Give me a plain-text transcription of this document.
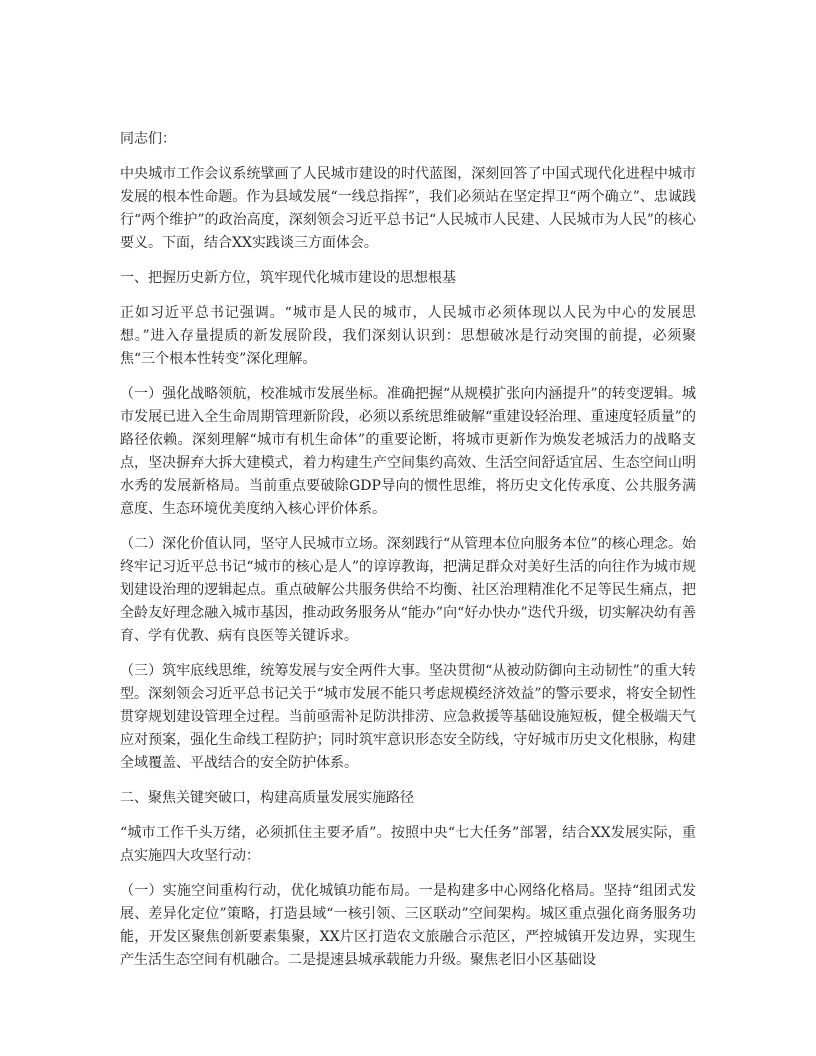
同志们：

中央城市工作会议系统擘画了人民城市建设的时代蓝图，深刻回答了中国式现代化进程中城市发展的根本性命题。作为县域发展“一线总指挥”，我们必须站在坚定捍卫“两个确立”、忠诚践行“两个维护”的政治高度，深刻领会习近平总书记“人民城市人民建、人民城市为人民”的核心要义。下面，结合XX实践谈三方面体会。

一、把握历史新方位，筑牢现代化城市建设的思想根基

正如习近平总书记强调。“城市是人民的城市，人民城市必须体现以人民为中心的发展思想。”进入存量提质的新发展阶段，我们深刻认识到：思想破冰是行动突围的前提，必须聚焦“三个根本性转变”深化理解。

（一）强化战略领航，校准城市发展坐标。准确把握“从规模扩张向内涵提升”的转变逻辑。城市发展已进入全生命周期管理新阶段，必须以系统思维破解“重建设轻治理、重速度轻质量”的路径依赖。深刻理解“城市有机生命体”的重要论断，将城市更新作为焕发老城活力的战略支点，坚决摒弃大拆大建模式，着力构建生产空间集约高效、生活空间舒适宜居、生态空间山明水秀的发展新格局。当前重点要破除GDP导向的惯性思维，将历史文化传承度、公共服务满意度、生态环境优美度纳入核心评价体系。

（二）深化价值认同，坚守人民城市立场。深刻践行“从管理本位向服务本位”的核心理念。始终牢记习近平总书记“城市的核心是人”的谆谆教诲，把满足群众对美好生活的向往作为城市规划建设治理的逻辑起点。重点破解公共服务供给不均衡、社区治理精准化不足等民生痛点，把全龄友好理念融入城市基因，推动政务服务从“能办”向“好办快办”迭代升级，切实解决幼有善育、学有优教、病有良医等关键诉求。

（三）筑牢底线思维，统筹发展与安全两件大事。坚决贯彻“从被动防御向主动韧性”的重大转型。深刻领会习近平总书记关于“城市发展不能只考虑规模经济效益”的警示要求，将安全韧性贯穿规划建设管理全过程。当前亟需补足防洪排涝、应急救援等基础设施短板，健全极端天气应对预案，强化生命线工程防护；同时筑牢意识形态安全防线，守好城市历史文化根脉，构建全域覆盖、平战结合的安全防护体系。

二、聚焦关键突破口，构建高质量发展实施路径

“城市工作千头万绪，必须抓住主要矛盾”。按照中央“七大任务”部署，结合XX发展实际，重点实施四大攻坚行动：

（一）实施空间重构行动，优化城镇功能布局。一是构建多中心网络化格局。坚持“组团式发展、差异化定位”策略，打造县域“一核引领、三区联动”空间架构。城区重点强化商务服务功能，开发区聚焦创新要素集聚，XX片区打造农文旅融合示范区，严控城镇开发边界，实现生产生活生态空间有机融合。二是提速县城承载能力升级。聚焦老旧小区基础设
